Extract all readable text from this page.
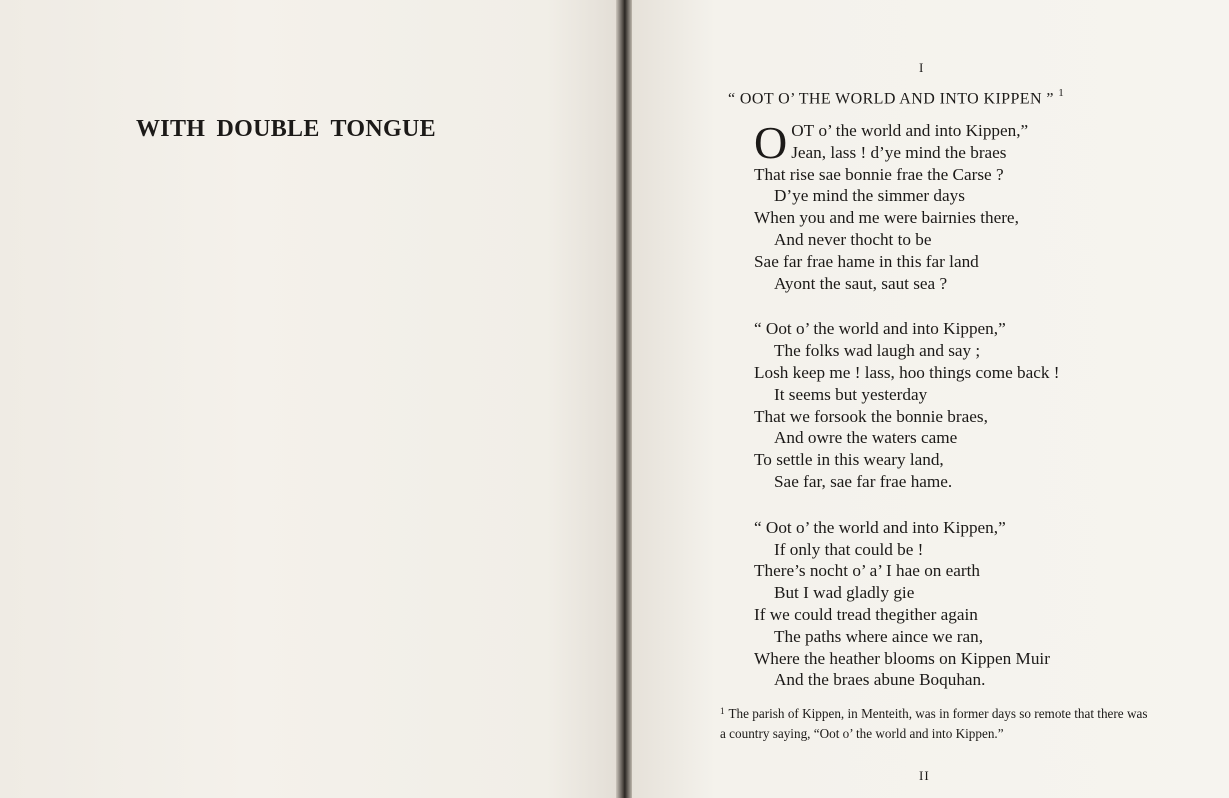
WITH DOUBLE TONGUE
I
“ OOT O’ THE WORLD AND INTO KIPPEN ” $^1$
O OT o’ the world and into Kippen,”
Jean, lass ! d’ye mind the braes
That rise sae bonnie frae the Carse ?
D’ye mind the simmer days
When you and me were bairnies there,
And never thocht to be
Sae far frae hame in this far land
Ayont the saut, saut sea ?
“ Oot o’ the world and into Kippen,”
The folks wad laugh and say ;
Losh keep me ! lass, hoo things come back !
It seems but yesterday
That we forsook the bonnie braes,
And owre the waters came
To settle in this weary land,
Sae far, sae far frae hame.
“ Oot o’ the world and into Kippen,”
If only that could be !
There’s nocht o’ a’ I hae on earth
But I wad gladly gie
If we could tread thegither again
The paths where aince we ran,
Where the heather blooms on Kippen Muir
And the braes abune Boquhan.
$^1$ The parish of Kippen, in Menteith, was in former days so remote that there was a country saying, “Oot o’ the world and into Kippen.”
II
